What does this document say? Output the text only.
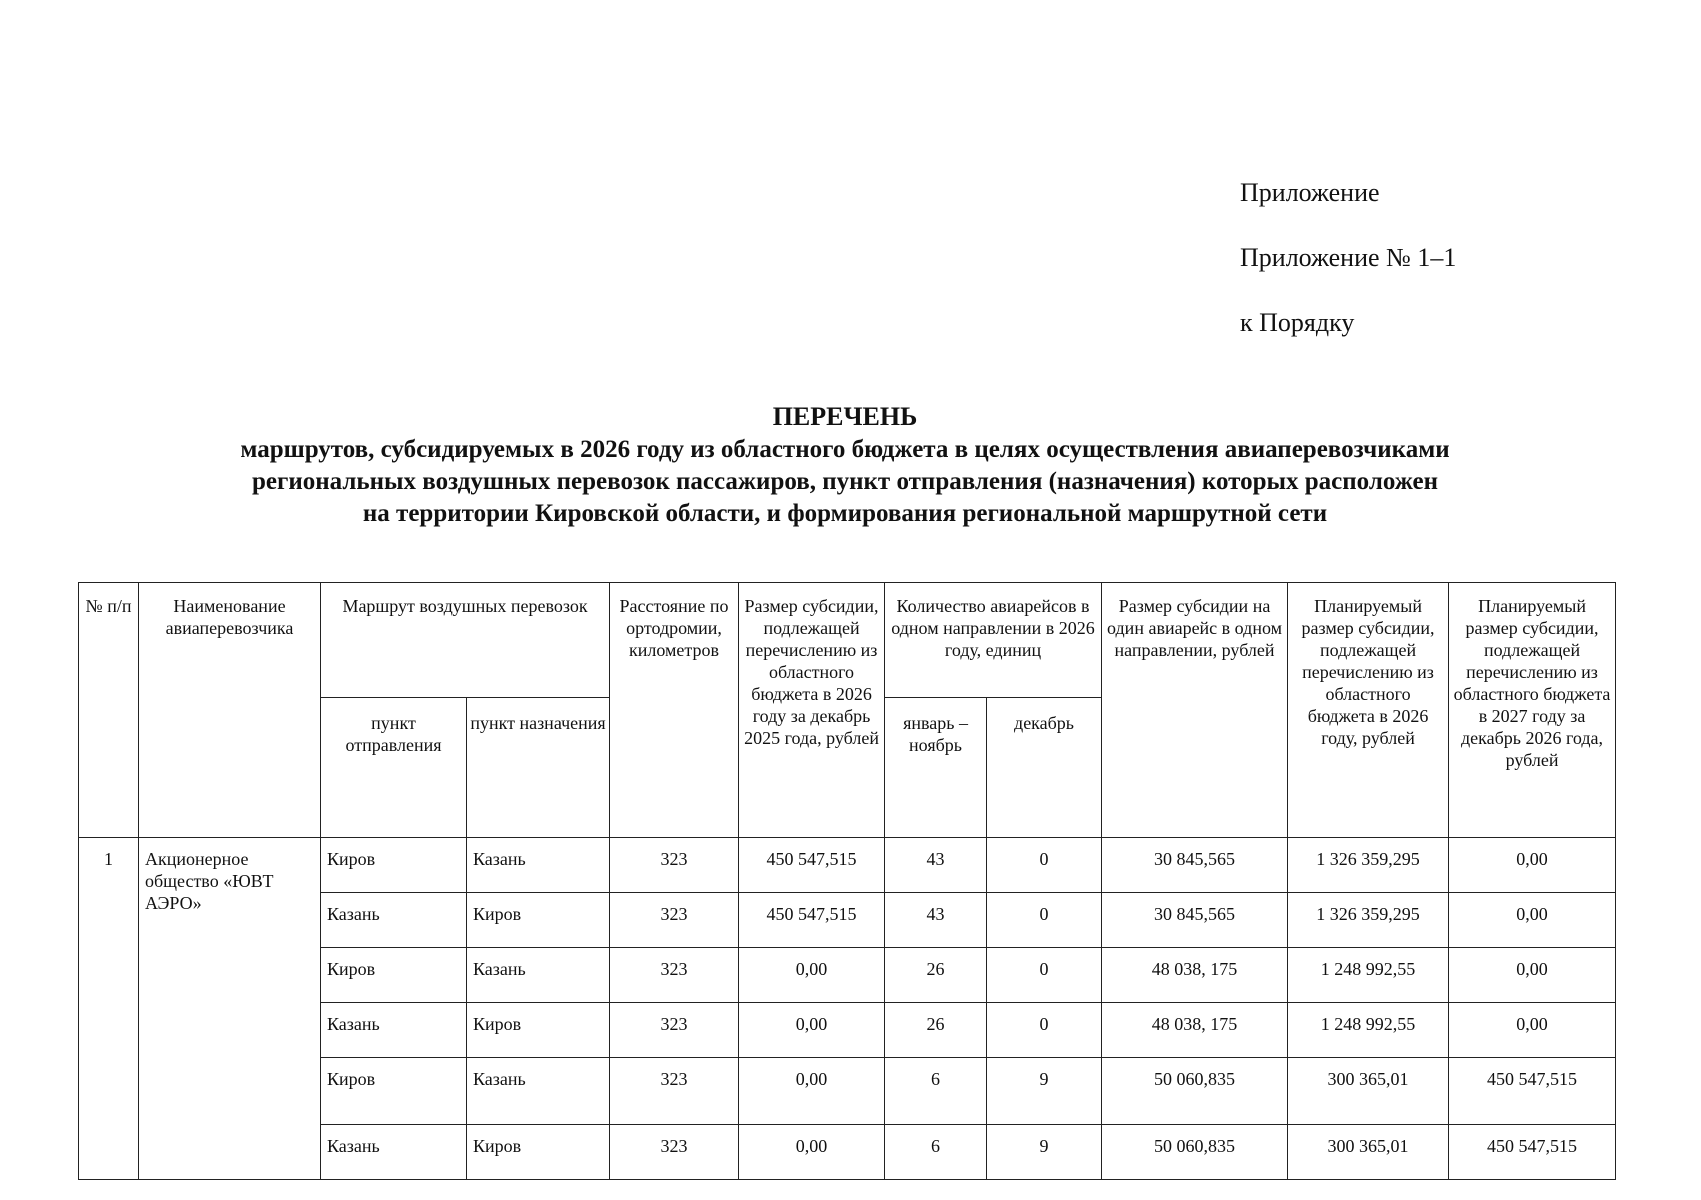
Приложение
Приложение № 1–1
к Порядку
ПЕРЕЧЕНЬ
маршрутов, субсидируемых в 2026 году из областного бюджета в целях осуществления авиаперевозчиками
региональных воздушных перевозок пассажиров, пункт отправления (назначения) которых расположен
на территории Кировской области, и формирования региональной маршрутной сети
№ п/п	Наименование авиаперевозчика	Маршрут воздушных перевозок		Расстояние по ортодромии, километров	Размер субсидии, подлежащей перечислению из областного бюджета в 2026 году за декабрь 2025 года, рублей	Количество авиарейсов в одном направлении в 2026 году, единиц		Размер субсидии на один авиарейс в одном направлении, рублей	Планируемый размер субсидии, подлежащей перечислению из областного бюджета в 2026 году, рублей	Планируемый размер субсидии, подлежащей перечислению из областного бюджета в 2027 году за декабрь 2026 года, рублей
		пункт отправления	пункт назначения			январь – ноябрь	декабрь			
1	Акционерное общество «ЮВТ АЭРО»	Киров	Казань	323	450 547,515	43	0	30 845,565	1 326 359,295	0,00
		Казань	Киров	323	450 547,515	43	0	30 845,565	1 326 359,295	0,00
		Киров	Казань	323	0,00	26	0	48 038, 175	1 248 992,55	0,00
		Казань	Киров	323	0,00	26	0	48 038, 175	1 248 992,55	0,00
		Киров	Казань	323	0,00	6	9	50 060,835	300 365,01	450 547,515
		Казань	Киров	323	0,00	6	9	50 060,835	300 365,01	450 547,515
